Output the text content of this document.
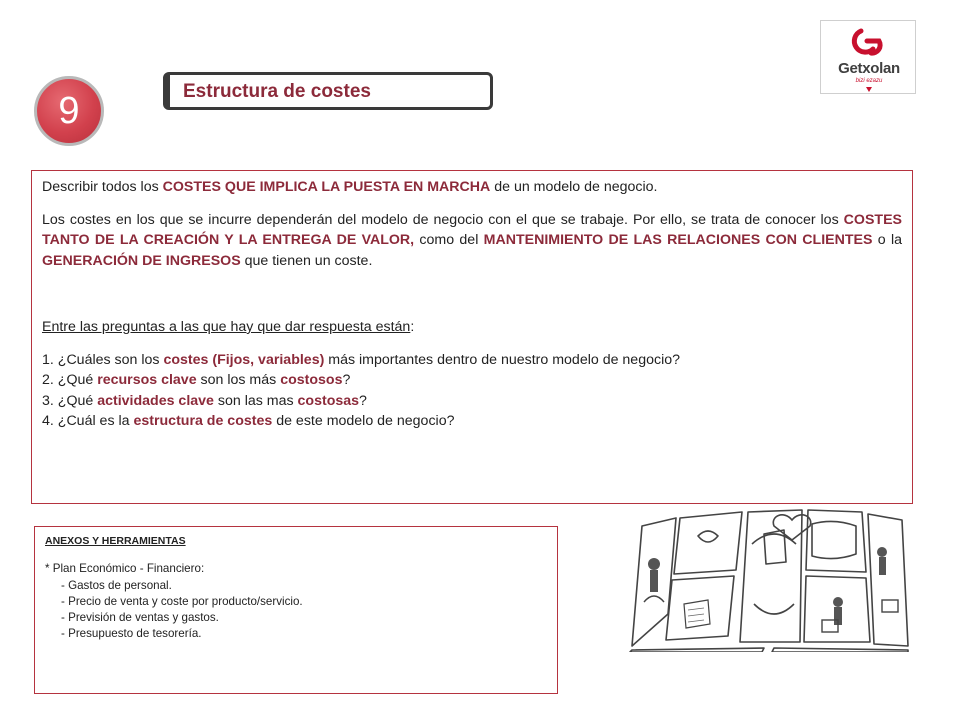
9	Estructura de costes
Getxolan
bizi ezazu

Describir todos los COSTES QUE IMPLICA LA PUESTA EN MARCHA de un modelo de negocio.

Los costes en los que se incurre dependerán del modelo de negocio con el que se trabaje. Por ello, se trata de conocer los COSTES TANTO DE LA CREACIÓN Y LA ENTREGA DE VALOR, como del MANTENIMIENTO DE LAS RELACIONES CON CLIENTES o la GENERACIÓN DE INGRESOS que tienen un coste.

Entre las preguntas a las que hay que dar respuesta están:

1. ¿Cuáles son los costes (Fijos, variables) más importantes dentro de nuestro modelo de negocio?

2. ¿Qué recursos clave son los más costosos?

3. ¿Qué actividades clave son las mas costosas?

4. ¿Cuál es la estructura de costes de este modelo de negocio?

ANEXOS Y HERRAMIENTAS
* Plan Económico - Financiero:
- Gastos de personal.
- Precio de venta y coste por producto/servicio.
- Previsión de ventas y gastos.
- Presupuesto de tesorería.
